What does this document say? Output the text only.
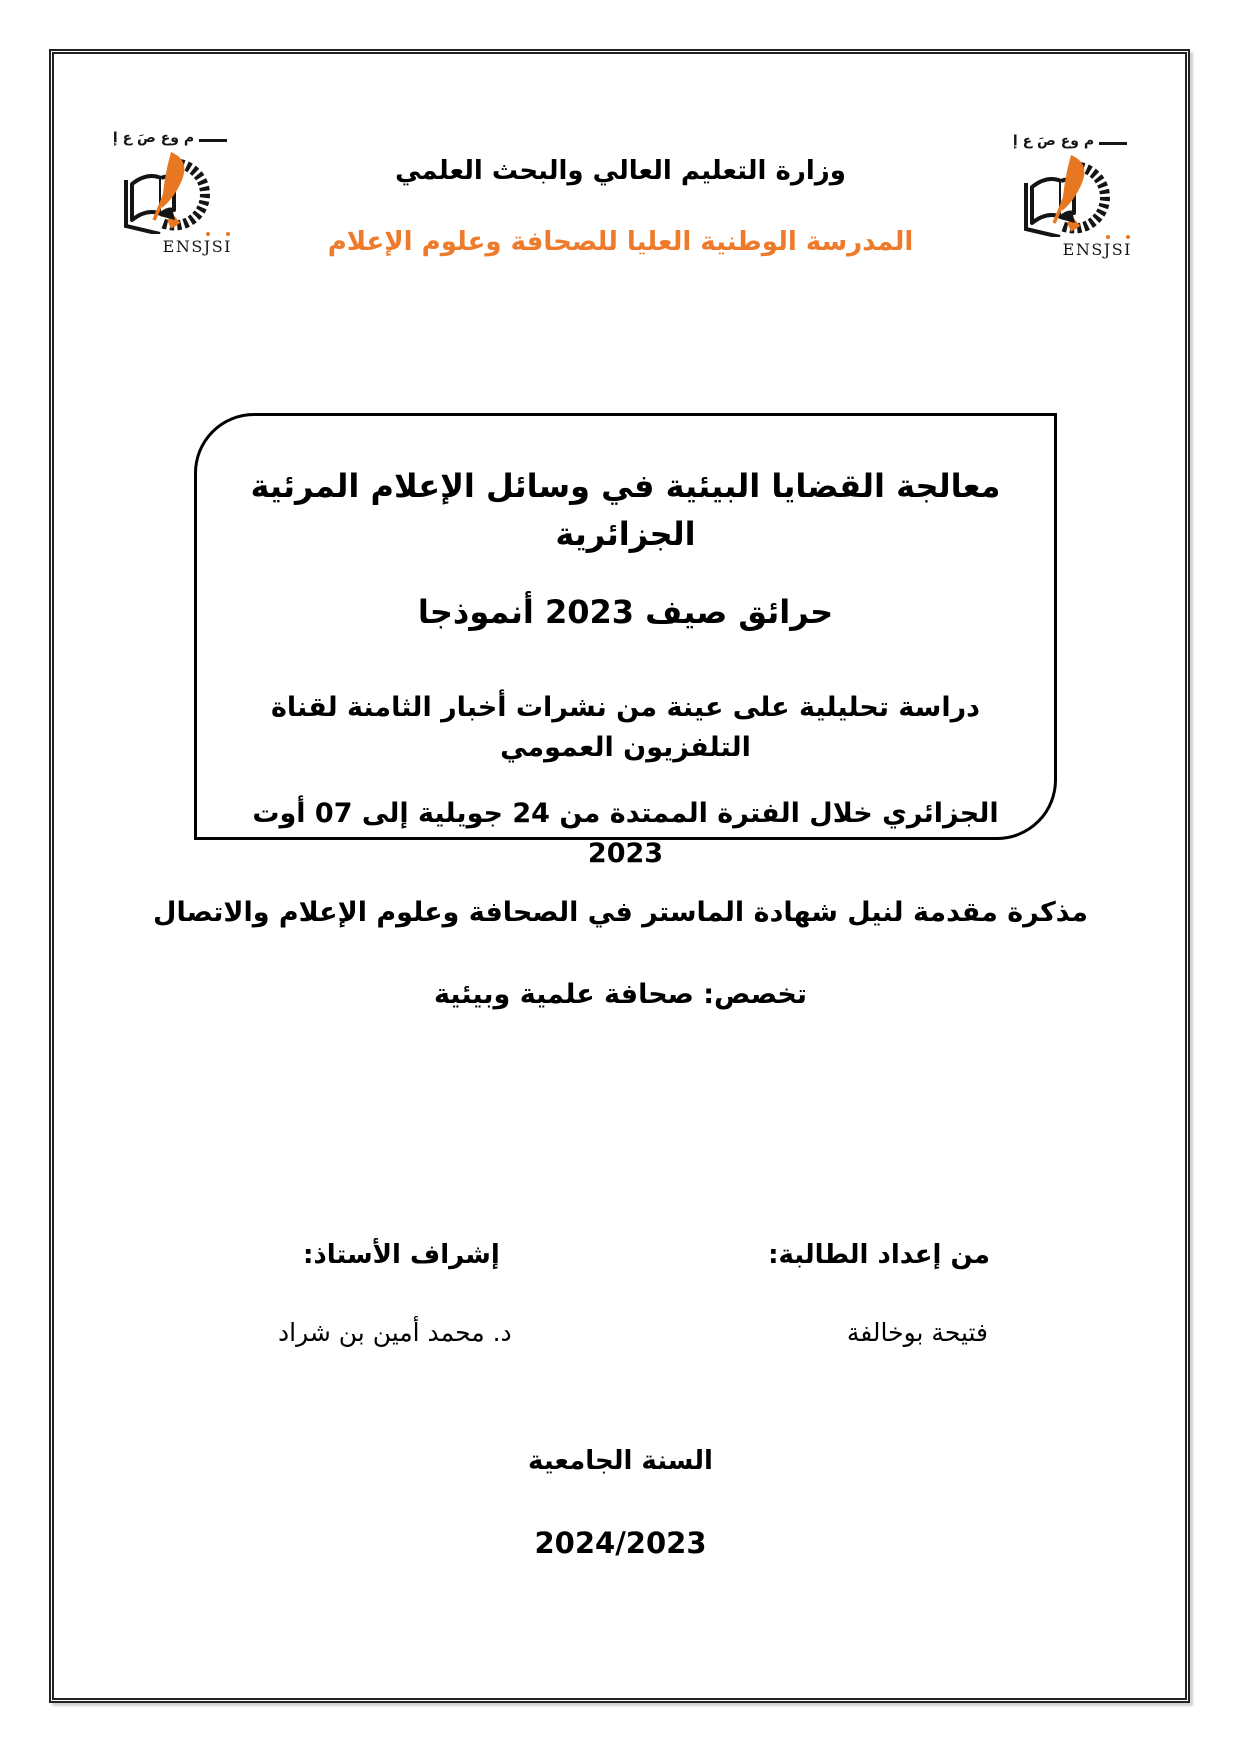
م وع صَ ع إ
ENSJSI
م وع صَ ع إ
ENSJSI
وزارة التعليم العالي والبحث العلمي
المدرسة الوطنية العليا للصحافة وعلوم الإعلام
معالجة القضايا البيئية في وسائل الإعلام المرئية الجزائرية
حرائق صيف 2023 أنموذجا
دراسة تحليلية على عينة من نشرات أخبار الثامنة لقناة التلفزيون العمومي
الجزائري خلال الفترة الممتدة من 24 جويلية إلى 07 أوت 2023
مذكرة مقدمة لنيل شهادة الماستر في الصحافة وعلوم الإعلام والاتصال
تخصص: صحافة علمية وبيئية
من إعداد الطالبة:
فتيحة بوخالفة
إشراف الأستاذ:
د. محمد أمين بن شراد
السنة الجامعية
2024/2023
